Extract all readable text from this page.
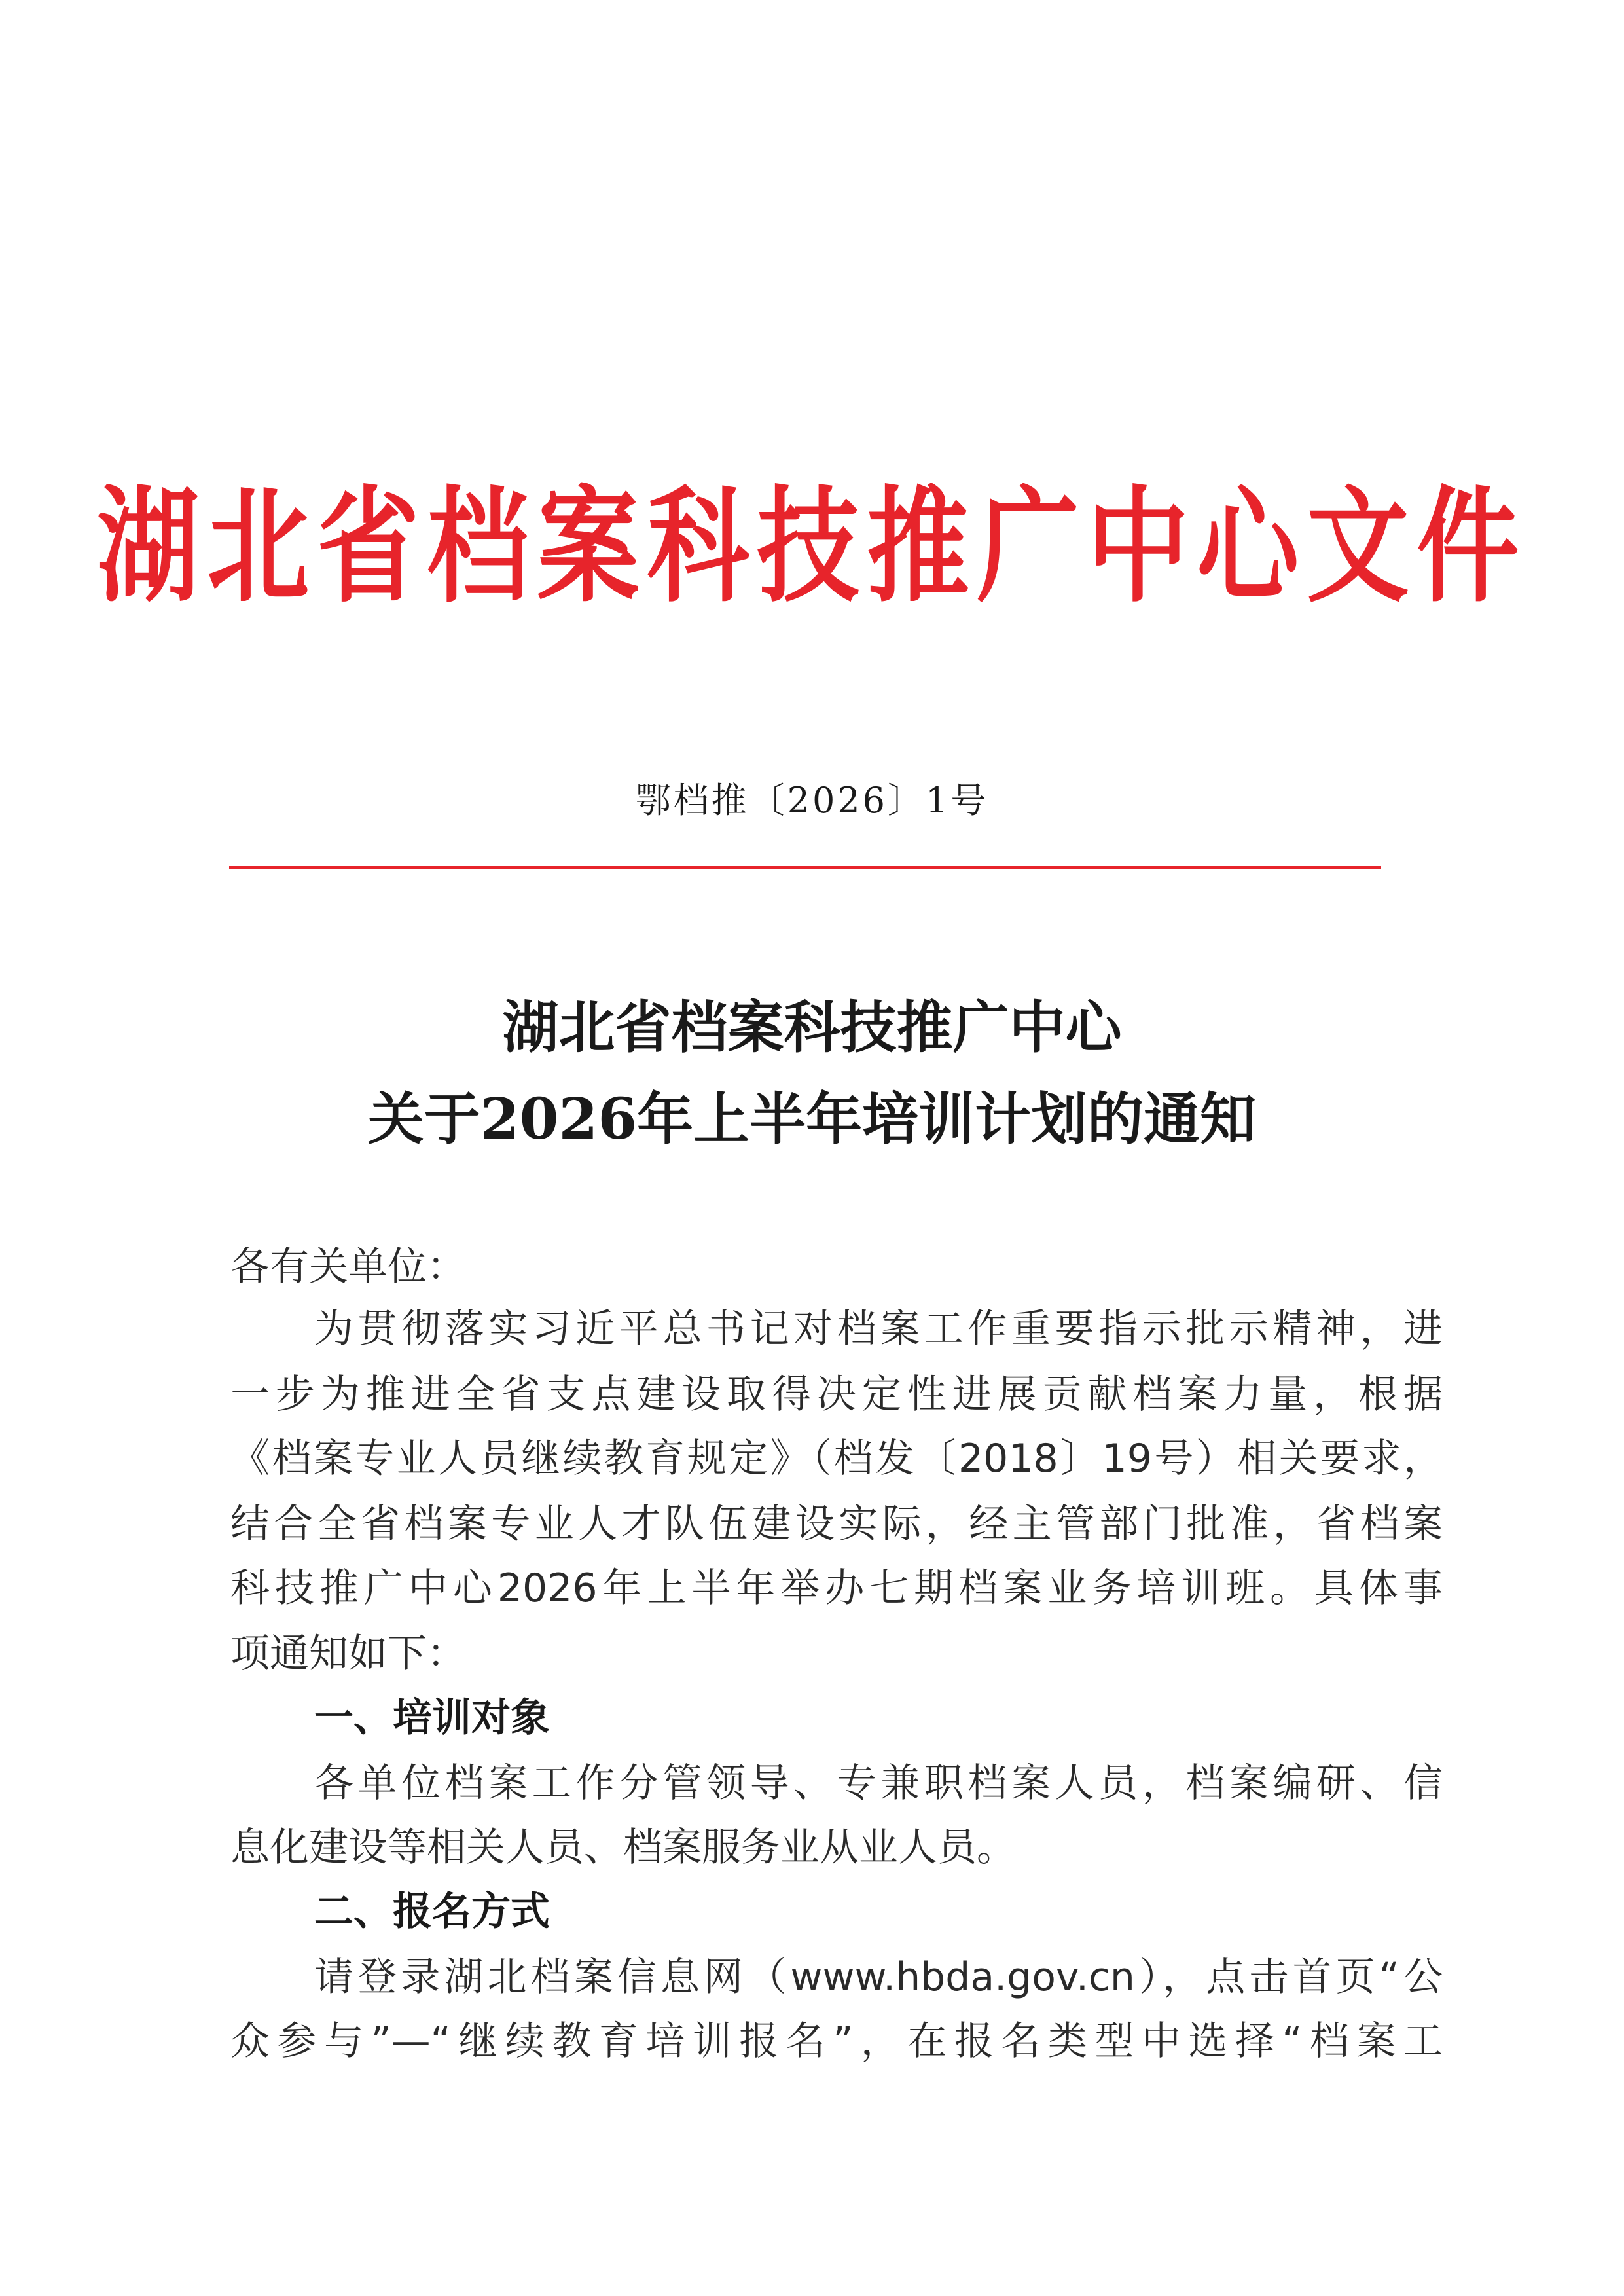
湖北省档案科技推广中心文件
鄂档推〔2026〕1号
湖北省档案科技推广中心
关于2026年上半年培训计划的通知
各有关单位：
为贯彻落实习近平总书记对档案工作重要指示批示精神，进
一步为推进全省支点建设取得决定性进展贡献档案力量，根据
《档案专业人员继续教育规定》（档发〔2018〕19号）相关要求，
结合全省档案专业人才队伍建设实际，经主管部门批准，省档案
科技推广中心2026年上半年举办七期档案业务培训班。具体事
项通知如下：
一、培训对象
各单位档案工作分管领导、专兼职档案人员，档案编研、信
息化建设等相关人员、档案服务业从业人员。
二、报名方式
请登录湖北档案信息网（www.hbda.gov.cn），点击首页“公
众参与”—“继续教育培训报名”，在报名类型中选择“档案工
